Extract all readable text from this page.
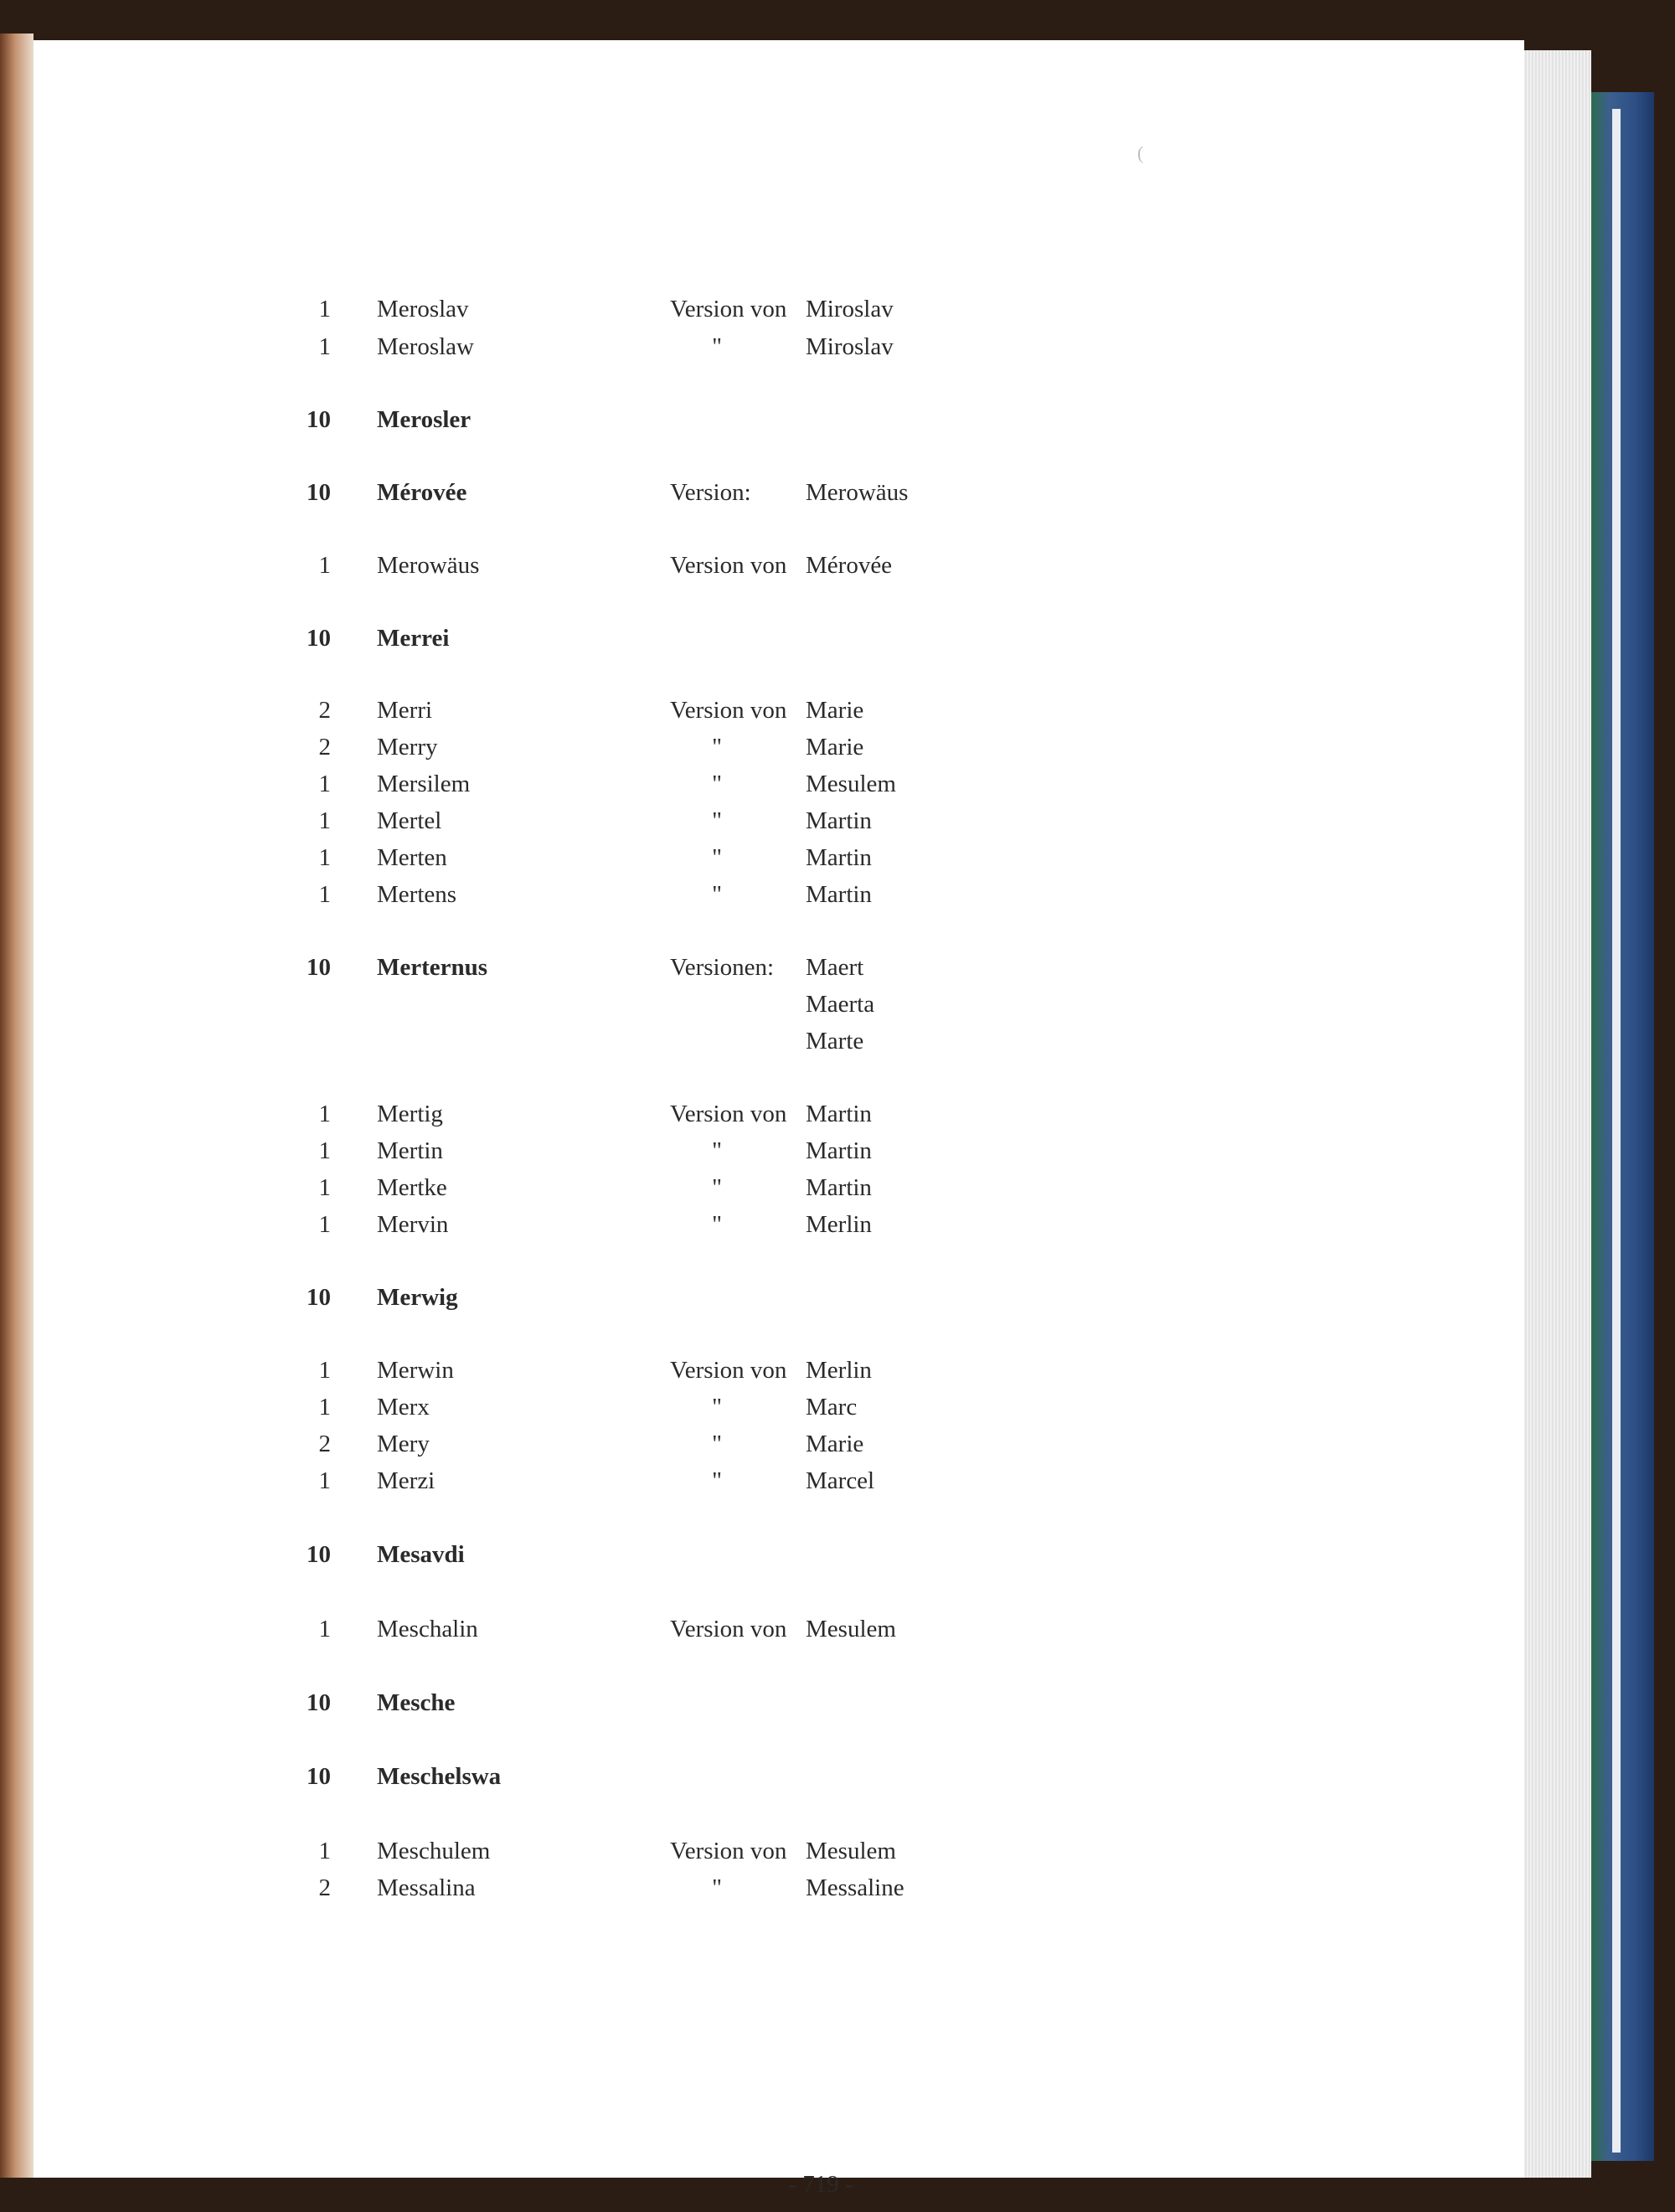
(
1 Meroslav	Version von Miroslav
1 Meroslaw	"	Miroslav
10 Merosler
10 Mérovée	Version: Merowäus
1 Merowäus	Version von Mérovée
10 Merrei
2 Merri	Version von Marie
2 Merry	"	Marie
1 Mersilem	"	Mesulem
1 Mertel	"	Martin
1 Merten	"	Martin
1 Mertens	"	Martin
10 Merternus	Versionen: Maert
Maerta
Marte
1 Mertig	Version von Martin
1 Mertin	"	Martin
1 Mertke	"	Martin
1 Mervin	"	Merlin
10 Merwig
1 Merwin	Version von Merlin
1 Merx	"	Marc
2 Mery	"	Marie
1 Merzi	"	Marcel
10 Mesavdi
1 Meschalin	Version von Mesulem
10 Mesche
10 Meschelswa
1 Meschulem	Version von Mesulem
2 Messalina	"	Messaline
- 719 -
